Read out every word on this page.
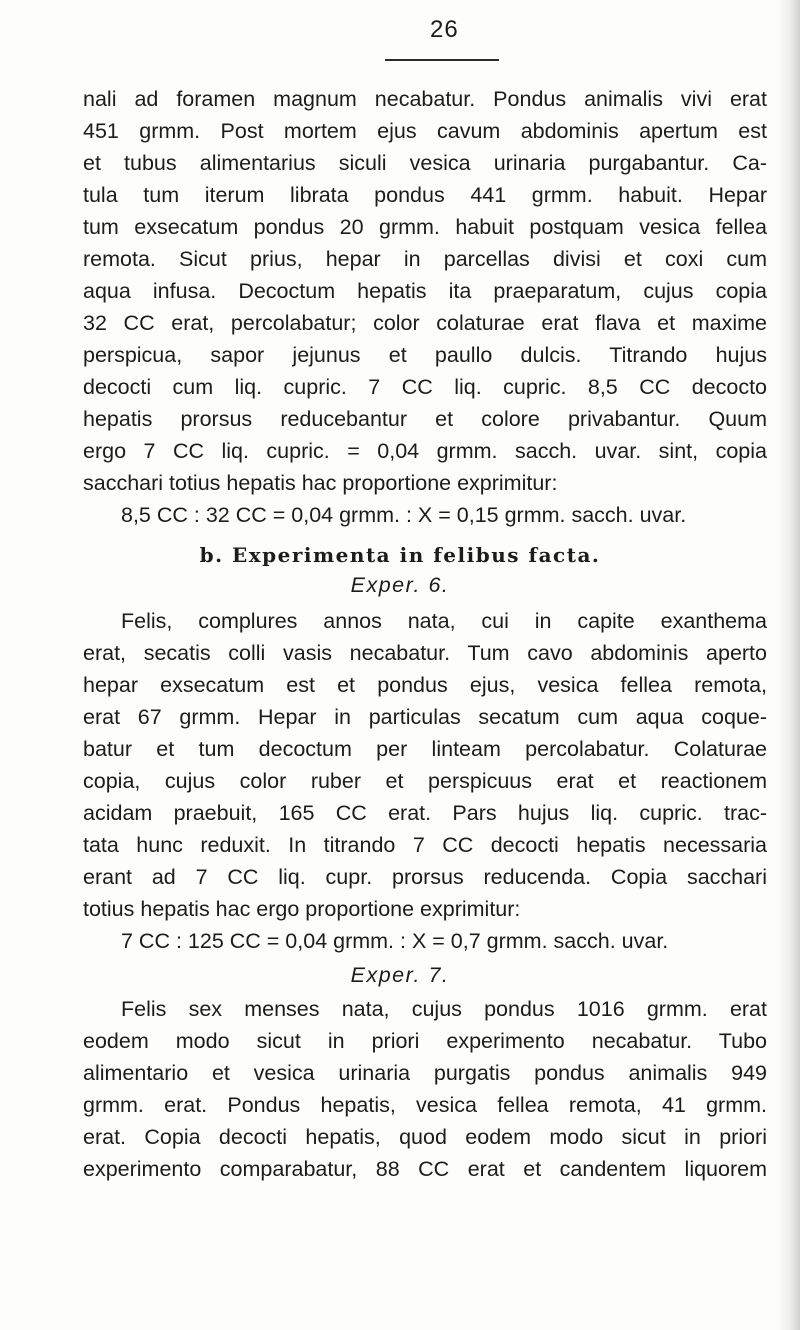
26
nali ad foramen magnum necabatur. Pondus animalis vivi erat
451 grmm. Post mortem ejus cavum abdominis apertum est
et tubus alimentarius siculi vesica urinaria purgabantur. Ca-
tula tum iterum librata pondus 441 grmm. habuit. Hepar
tum exsecatum pondus 20 grmm. habuit postquam vesica fellea
remota. Sicut prius, hepar in parcellas divisi et coxi cum
aqua infusa. Decoctum hepatis ita praeparatum, cujus copia
32 CC erat, percolabatur; color colaturae erat flava et maxime
perspicua, sapor jejunus et paullo dulcis. Titrando hujus
decocti cum liq. cupric. 7 CC liq. cupric. 8,5 CC decocto
hepatis prorsus reducebantur et colore privabantur. Quum
ergo 7 CC liq. cupric. = 0,04 grmm. sacch. uvar. sint, copia
sacchari totius hepatis hac proportione exprimitur:
8,5 CC : 32 CC = 0,04 grmm. : X = 0,15 grmm. sacch. uvar.
b. Experimenta in felibus facta.
Exper. 6.
Felis, complures annos nata, cui in capite exanthema
erat, secatis colli vasis necabatur. Tum cavo abdominis aperto
hepar exsecatum est et pondus ejus, vesica fellea remota,
erat 67 grmm. Hepar in particulas secatum cum aqua coque-
batur et tum decoctum per linteam percolabatur. Colaturae
copia, cujus color ruber et perspicuus erat et reactionem
acidam praebuit, 165 CC erat. Pars hujus liq. cupric. trac-
tata hunc reduxit. In titrando 7 CC decocti hepatis necessaria
erant ad 7 CC liq. cupr. prorsus reducenda. Copia sacchari
totius hepatis hac ergo proportione exprimitur:
7 CC : 125 CC = 0,04 grmm. : X = 0,7 grmm. sacch. uvar.
Exper. 7.
Felis sex menses nata, cujus pondus 1016 grmm. erat
eodem modo sicut in priori experimento necabatur. Tubo
alimentario et vesica urinaria purgatis pondus animalis 949
grmm. erat. Pondus hepatis, vesica fellea remota, 41 grmm.
erat. Copia decocti hepatis, quod eodem modo sicut in priori
experimento comparabatur, 88 CC erat et candentem liquorem
